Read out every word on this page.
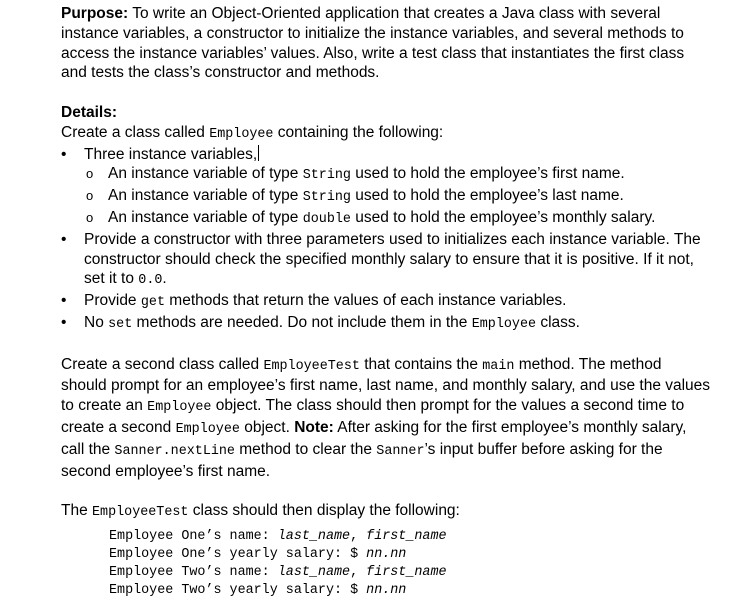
Purpose: To write an Object-Oriented application that creates a Java class with several instance variables, a constructor to initialize the instance variables, and several methods to access the instance variables’ values. Also, write a test class that instantiates the first class and tests the class’s constructor and methods.

Details:

Create a class called Employee containing the following:

•	Three instance variables,
o An instance variable of type String used to hold the employee’s first name.
o An instance variable of type String used to hold the employee’s last name.
o An instance variable of type double used to hold the employee’s monthly salary.
•	Provide a constructor with three parameters used to initializes each instance variable. The constructor should check the specified monthly salary to ensure that it is positive. If it not, set it to 0.0.
•	Provide get methods that return the values of each instance variables.
•	No set methods are needed. Do not include them in the Employee class.

Create a second class called EmployeeTest that contains the main method. The method should prompt for an employee’s first name, last name, and monthly salary, and use the values to create an Employee object. The class should then prompt for the values a second time to create a second Employee object. Note: After asking for the first employee’s monthly salary, call the Sanner.nextLine method to clear the Sanner’s input buffer before asking for the second employee’s first name.

The EmployeeTest class should then display the following:

Employee One’s name: last_name, first_name

Employee One’s yearly salary: $ nn.nn

Employee Two’s name: last_name, first_name

Employee Two’s yearly salary: $ nn.nn
